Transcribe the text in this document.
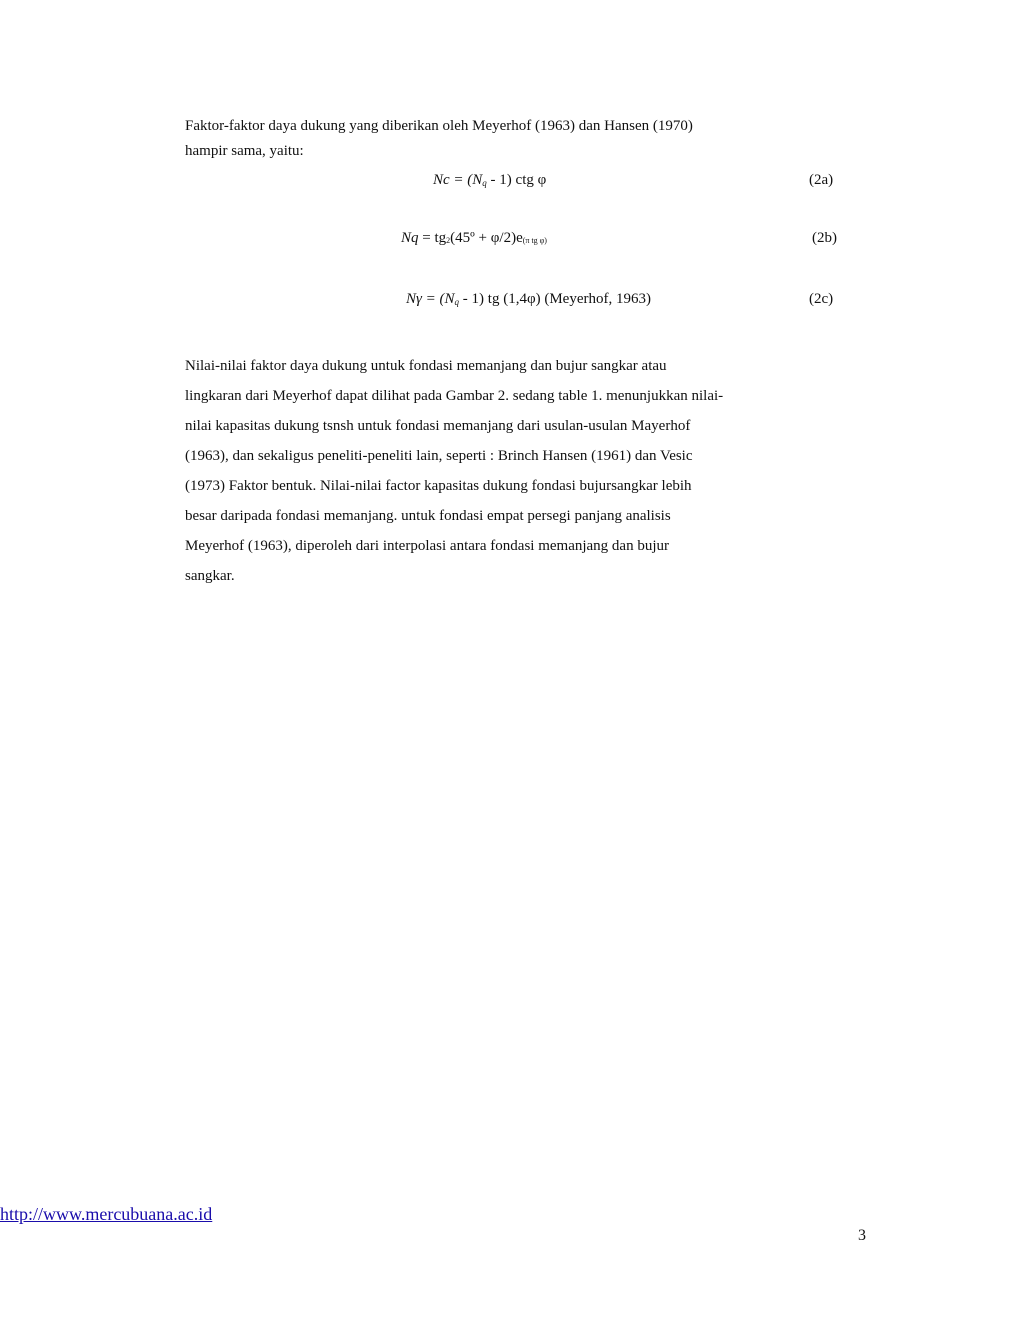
Faktor-faktor daya dukung yang diberikan oleh Meyerhof (1963) dan Hansen (1970)
hampir sama, yaitu:

$Nc = (N_q - 1)$ ctg φ	(2a)
Nq = tg2(45º + φ/2)e(π tg φ)	(2b)
$N\gamma = (N_q - 1)$ tg (1,4φ) (Meyerhof, 1963)	(2c)

Nilai-nilai faktor daya dukung untuk fondasi memanjang dan bujur sangkar atau
lingkaran dari Meyerhof dapat dilihat pada Gambar 2. sedang table 1. menunjukkan nilai-
nilai kapasitas dukung tsnsh untuk fondasi memanjang dari usulan-usulan Mayerhof
(1963), dan sekaligus peneliti-peneliti lain, seperti : Brinch Hansen (1961) dan Vesic
(1973) Faktor bentuk. Nilai-nilai factor kapasitas dukung fondasi bujursangkar lebih
besar daripada fondasi memanjang. untuk fondasi empat persegi panjang analisis
Meyerhof (1963), diperoleh dari interpolasi antara fondasi memanjang dan bujur
sangkar.

http://www.mercubuana.ac.id
3
